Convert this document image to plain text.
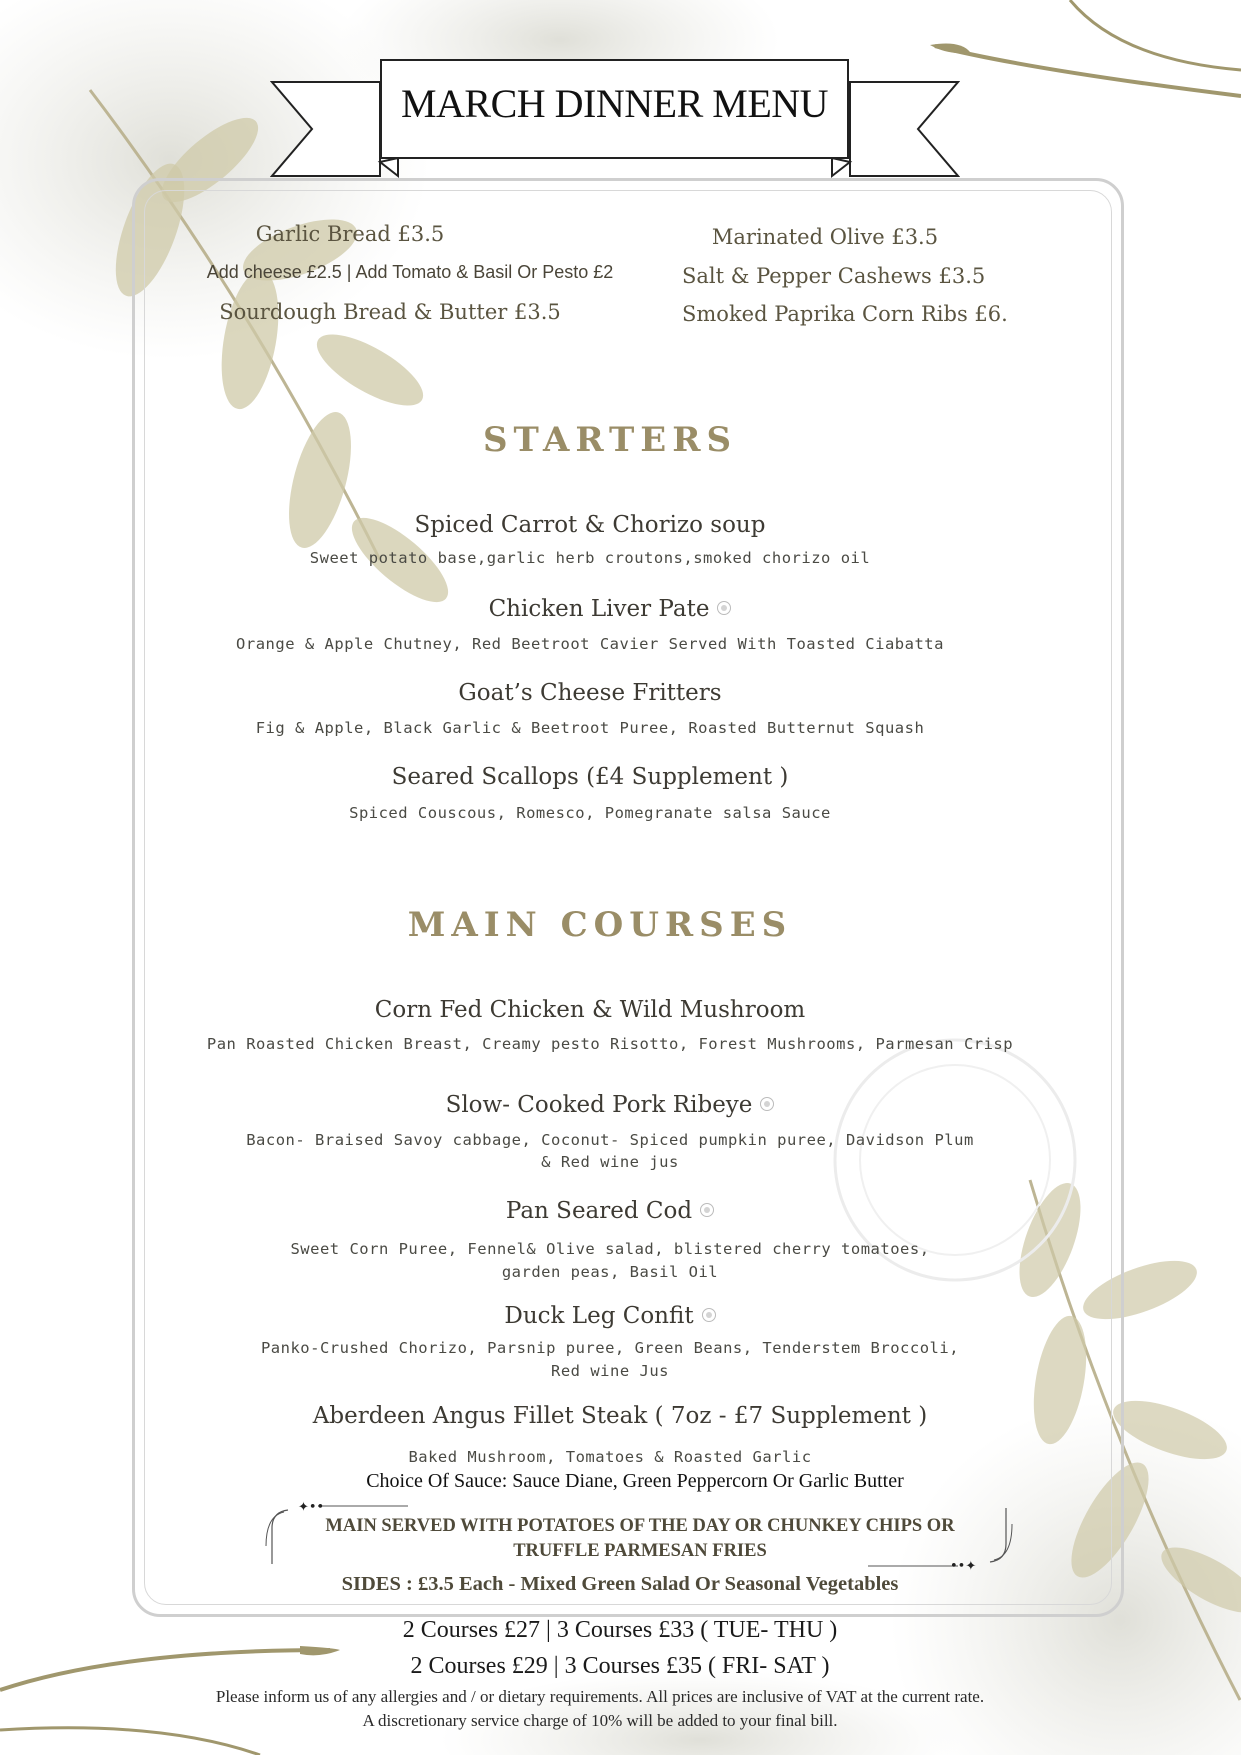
MARCH DINNER MENU
Garlic Bread £3.5
Add cheese £2.5 | Add Tomato & Basil Or Pesto £2
Sourdough Bread & Butter £3.5
Marinated Olive £3.5
Salt & Pepper Cashews £3.5
Smoked Paprika Corn Ribs £6.
STARTERS
Spiced Carrot & Chorizo soup
Sweet potato base,garlic herb croutons,smoked chorizo oil
Chicken Liver Pate
Orange & Apple Chutney, Red Beetroot Cavier Served With Toasted Ciabatta
Goat’s Cheese Fritters
Fig & Apple, Black Garlic & Beetroot Puree, Roasted Butternut Squash
Seared Scallops (£4 Supplement )
Spiced Couscous, Romesco, Pomegranate salsa Sauce
MAIN COURSES
Corn Fed Chicken & Wild Mushroom
Pan Roasted Chicken Breast, Creamy pesto Risotto, Forest Mushrooms, Parmesan Crisp
Slow- Cooked Pork Ribeye
Bacon- Braised Savoy cabbage, Coconut- Spiced pumpkin puree, Davidson Plum
& Red wine jus
Pan Seared Cod
Sweet Corn Puree, Fennel& Olive salad, blistered cherry tomatoes,
garden peas, Basil Oil
Duck Leg Confit
Panko-Crushed Chorizo, Parsnip puree, Green Beans, Tenderstem Broccoli,
Red wine Jus
Aberdeen Angus Fillet Steak ( 7oz - £7 Supplement )
Baked Mushroom, Tomatoes & Roasted Garlic
Choice Of Sauce: Sauce Diane, Green Peppercorn Or Garlic Butter
✦••
••✦
MAIN SERVED WITH POTATOES OF THE DAY OR CHUNKEY CHIPS OR
TRUFFLE PARMESAN FRIES
SIDES : £3.5 Each - Mixed Green Salad Or Seasonal Vegetables
2 Courses £27 | 3 Courses £33 ( TUE- THU )
2 Courses £29 | 3 Courses £35 ( FRI- SAT )
Please inform us of any allergies and / or dietary requirements. All prices are inclusive of VAT at the current rate.
A discretionary service charge of 10% will be added to your final bill.
